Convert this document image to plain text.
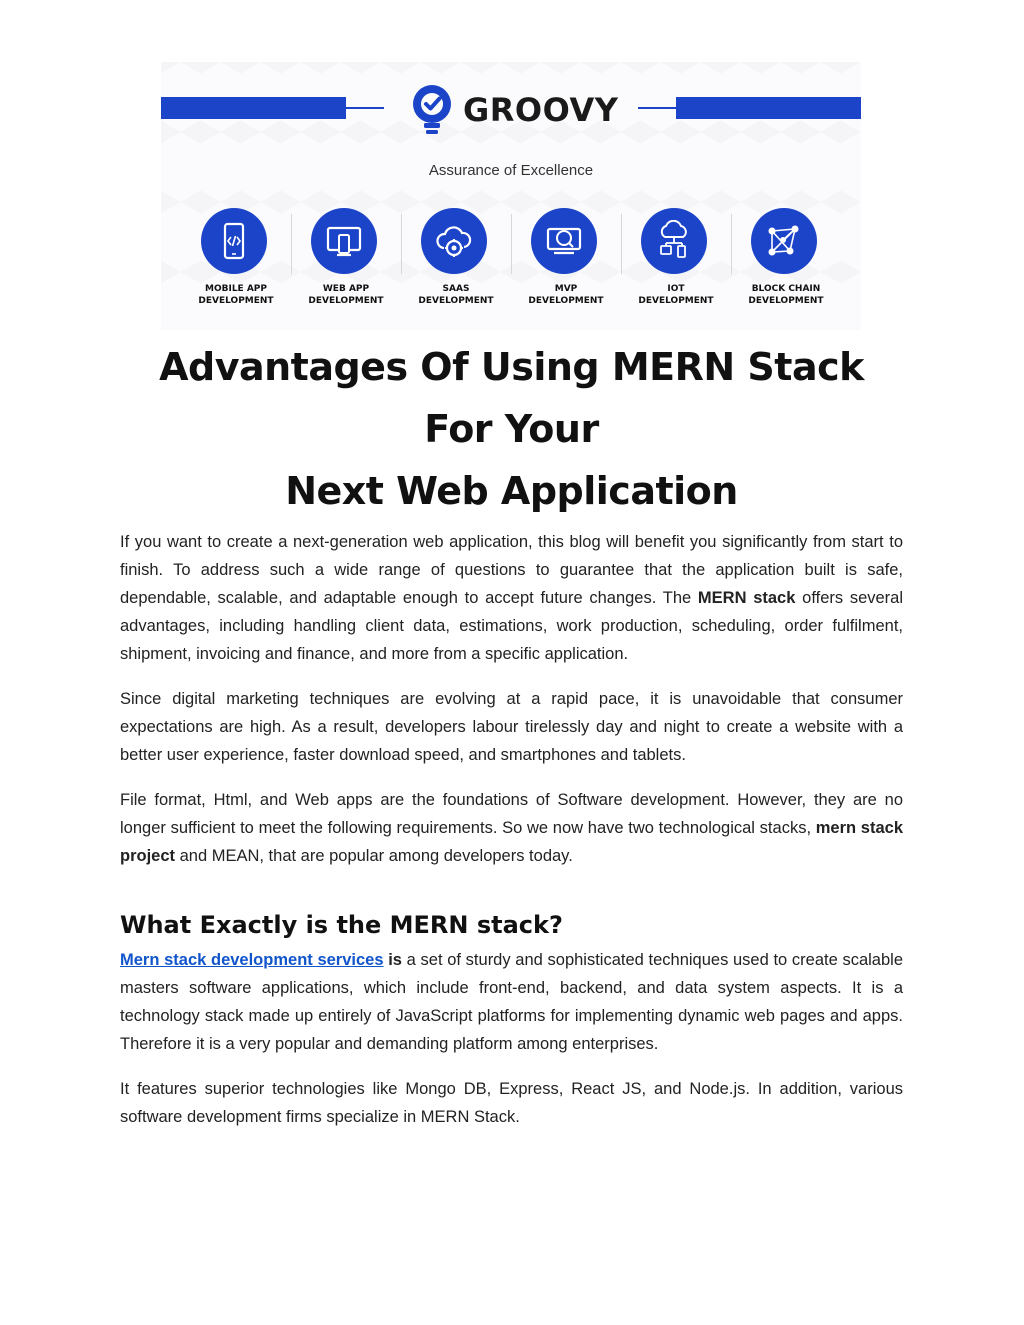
GROOVY
Assurance of Excellence
MOBILE APP
DEVELOPMENT
WEB APP
DEVELOPMENT
SAAS
DEVELOPMENT
MVP
DEVELOPMENT
IOT
DEVELOPMENT
BLOCK CHAIN
DEVELOPMENT
Advantages Of Using MERN Stack For Your
Next Web Application

If you want to create a next-generation web application, this blog will benefit you significantly from start to finish. To address such a wide range of questions to guarantee that the application built is safe, dependable, scalable, and adaptable enough to accept future changes. The MERN stack offers several advantages, including handling client data, estimations, work production, scheduling, order fulfilment, shipment, invoicing and finance, and more from a specific application.

Since digital marketing techniques are evolving at a rapid pace, it is unavoidable that consumer expectations are high. As a result, developers labour tirelessly day and night to create a website with a better user experience, faster download speed, and smartphones and tablets.

File format, Html, and Web apps are the foundations of Software development. However, they are no longer sufficient to meet the following requirements. So we now have two technological stacks, mern stack project and MEAN, that are popular among developers today.

What Exactly is the MERN stack?

Mern stack development services is a set of sturdy and sophisticated techniques used to create scalable masters software applications, which include front-end, backend, and data system aspects. It is a technology stack made up entirely of JavaScript platforms for implementing dynamic web pages and apps. Therefore it is a very popular and demanding platform among enterprises.

It features superior technologies like Mongo DB, Express, React JS, and Node.js. In addition, various software development firms specialize in MERN Stack.
